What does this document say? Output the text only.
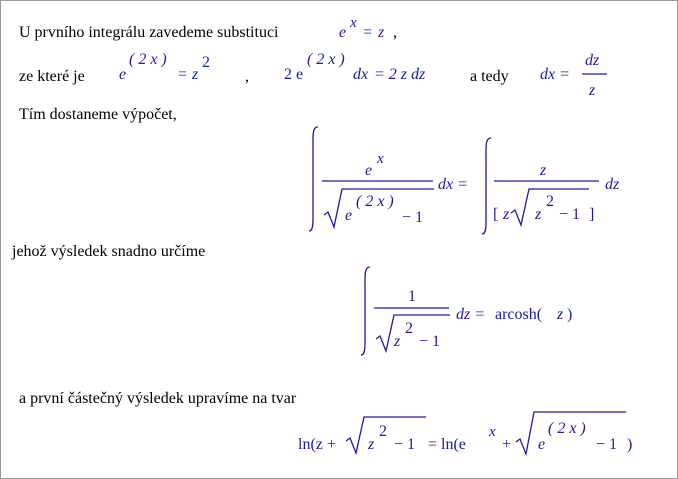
U prvního integrálu zavedeme substituci	e
x
= z ,
ze které je e
( 2 x )
= z
2
, 2 e
( 2 x )
dx = 2 z dz	a tedy dx =
dz
z
Tím dostaneme výpočet,
e
x
e
( 2 x )
− 1
dx =
z
[ z z
2
− 1 ]
dz
jehož výsledek snadno určíme
1
z
2
− 1
dz = arcosh( z )
a první částečný výsledek upravíme na tvar
ln(z + z
2
− 1 = ln(e
x
+ e
( 2 x )
− 1 )
